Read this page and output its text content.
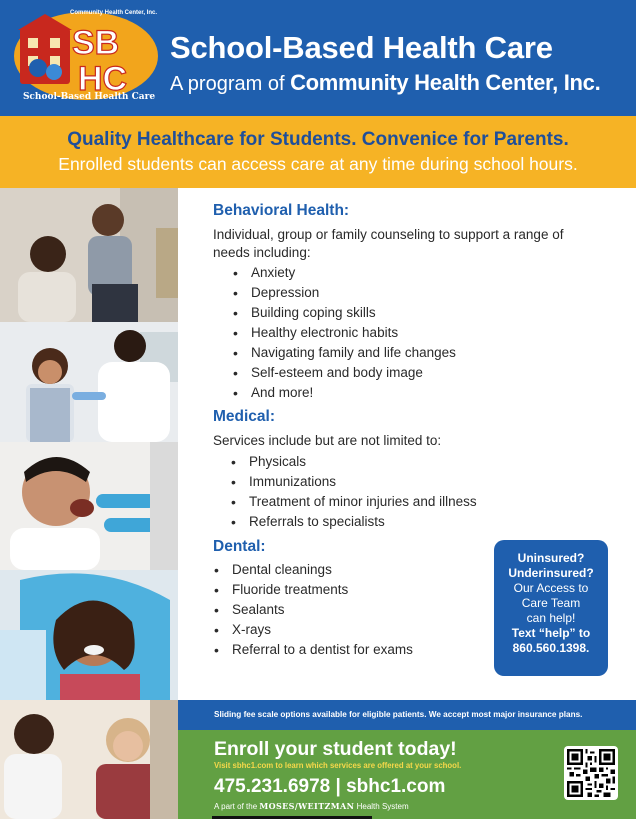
SB
HC
Community Health Center, Inc.
School-Based Health Care
School-Based Health Care
A program of Community Health Center, Inc.
Quality Healthcare for Students. Convenice for Parents.
Enrolled students can access care at any time during school hours.
Behavioral Health:
Individual, group or family counseling to support a range of needs including:
• Anxiety
• Depression
• Building coping skills
• Healthy electronic habits
• Navigating family and life changes
• Self-esteem and body image
• And more!
Medical:
Services include but are not limited to:
• Physicals
• Immunizations
• Treatment of minor injuries and illness
• Referrals to specialists
Dental:
• Dental cleanings
• Fluoride treatments
• Sealants
• X-rays
• Referral to a dentist for exams
Uninsured?
Underinsured?
Our Access to
Care Team
can help!
Text “help” to
860.560.1398.
Sliding fee scale options available for eligible patients. We accept most major insurance plans.
Enroll your student today!
Visit sbhc1.com to learn which services are offered at your school.
475.231.6978 | sbhc1.com
A part of the MOSES/WEITZMAN Health System
